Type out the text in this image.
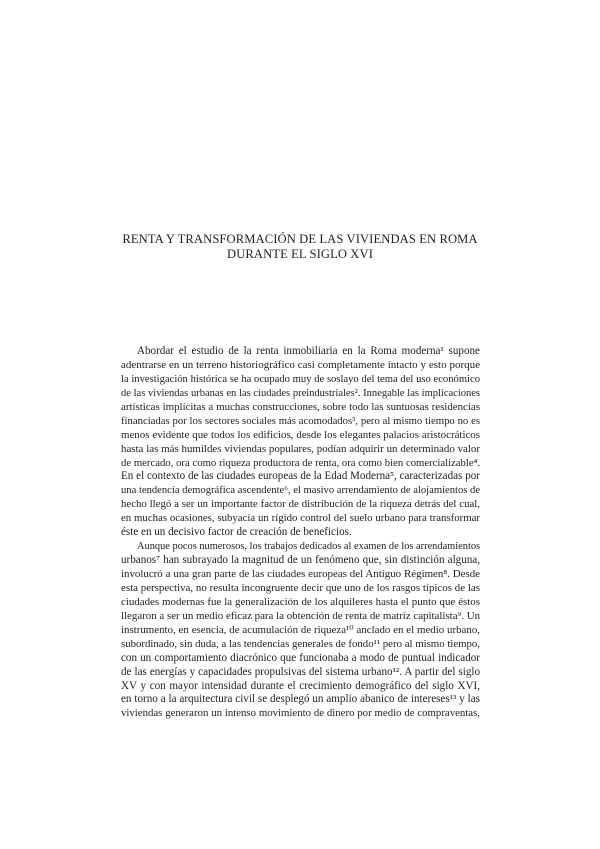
RENTA Y TRANSFORMACIÓN DE LAS VIVIENDAS EN ROMA
DURANTE EL SIGLO XVI

Abordar el estudio de la renta inmobiliaria en la Roma moderna¹ supone
adentrarse en un terreno historiográfico casi completamente intacto y esto porque
la investigación histórica se ha ocupado muy de soslayo del tema del uso económico
de las viviendas urbanas en las ciudades preindustriales². Innegable las implicaciones
artísticas implícitas a muchas construcciones, sobre todo las suntuosas residencias
financiadas por los sectores sociales más acomodados³, pero al mismo tiempo no es
menos evidente que todos los edificios, desde los elegantes palacios aristocráticos
hasta las más humildes viviendas populares, podían adquirir un determinado valor
de mercado, ora como riqueza productora de renta, ora como bien comercializable⁴.
En el contexto de las ciudades europeas de la Edad Moderna⁵, caracterizadas por
una tendencia demográfica ascendente⁶, el masivo arrendamiento de alojamientos de
hecho llegó a ser un importante factor de distribución de la riqueza detrás del cual,
en muchas ocasiones, subyacía un rígido control del suelo urbano para transformar
éste en un decisivo factor de creación de beneficios.

Aunque pocos numerosos, los trabajos dedicados al examen de los arrendamientos
urbanos⁷ han subrayado la magnitud de un fenómeno que, sin distinción alguna,
involucró a una gran parte de las ciudades europeas del Antiguo Régimen⁸. Desde
esta perspectiva, no resulta incongruente decir que uno de los rasgos típicos de las
ciudades modernas fue la generalización de los alquileres hasta el punto que éstos
llegaron a ser un medio eficaz para la obtención de renta de matriz capitalista⁹. Un
instrumento, en esencia, de acumulación de riqueza¹⁰ anclado en el medio urbano,
subordinado, sin duda, a las tendencias generales de fondo¹¹ pero al mismo tiempo,
con un comportamiento diacrónico que funcionaba a modo de puntual indicador
de las energías y capacidades propulsivas del sistema urbano¹². A partir del siglo
XV y con mayor intensidad durante el crecimiento demográfico del siglo XVI,
en torno a la arquitectura civil se desplegó un amplio abanico de intereses¹³ y las
viviendas generaron un intenso movimiento de dinero por medio de compraventas,
